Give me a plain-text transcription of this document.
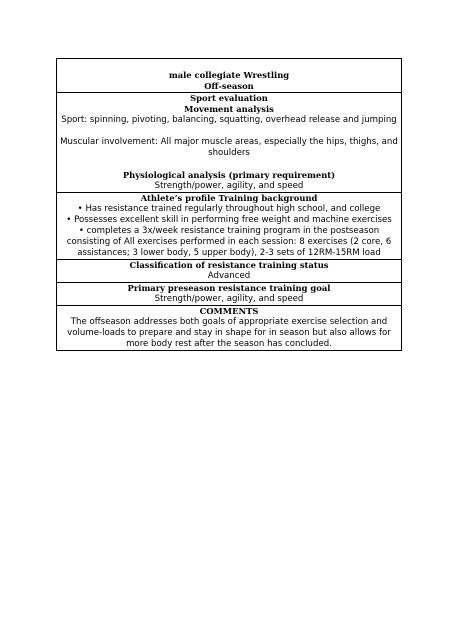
male collegiate Wrestling
Off-season
Sport evaluation
Movement analysis
Sport: spinning, pivoting, balancing, squatting, overhead release and jumping
Muscular involvement: All major muscle areas, especially the hips, thighs, and shoulders
Physiological analysis (primary requirement)
Strength/power, agility, and speed
Athlete’s profile Training background
• Has resistance trained regularly throughout high school, and college
• Possesses excellent skill in performing free weight and machine exercises
• completes a 3x/week resistance training program in the postseason consisting of All exercises performed in each session: 8 exercises (2 core, 6 assistances; 3 lower body, 5 upper body), 2-3 sets of 12RM-15RM load
Classification of resistance training status
Advanced
Primary preseason resistance training goal
Strength/power, agility, and speed
COMMENTS
The offseason addresses both goals of appropriate exercise selection and volume-loads to prepare and stay in shape for in season but also allows for more body rest after the season has concluded.
